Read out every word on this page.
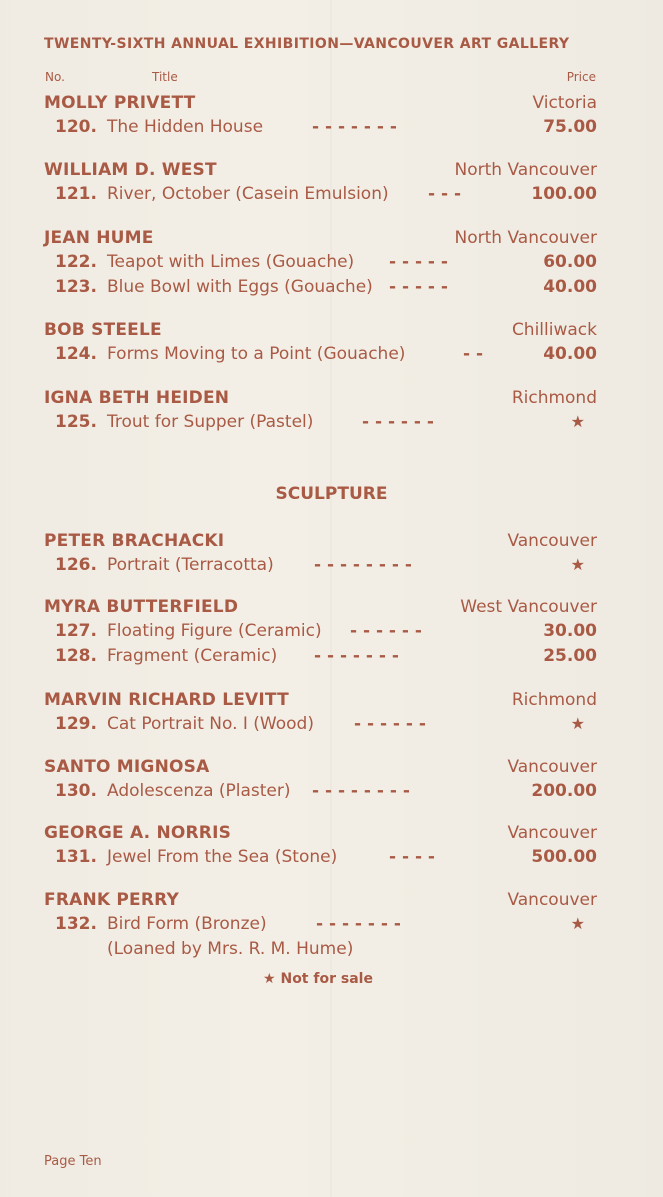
TWENTY-SIXTH ANNUAL EXHIBITION—VANCOUVER ART GALLERY
No.	Title	Price
MOLLY PRIVETT	Victoria
120. The Hidden House	- - - - - - -	75.00
WILLIAM D. WEST	North Vancouver
121. River, October (Casein Emulsion) - - -	100.00
JEAN HUME	North Vancouver
122. Teapot with Limes (Gouache) - - - - -	60.00
123. Blue Bowl with Eggs (Gouache) - - - - -	40.00
BOB STEELE	Chilliwack
124. Forms Moving to a Point (Gouache)	- -	40.00
IGNA BETH HEIDEN	Richmond
125. Trout for Supper (Pastel)	- - - - - -	★
SCULPTURE
PETER BRACHACKI	Vancouver
126. Portrait (Terracotta) - - - - - - - -	★
MYRA BUTTERFIELD	West Vancouver
127. Floating Figure (Ceramic) - - - - - -	30.00
128. Fragment (Ceramic) - - - - - - -	25.00
MARVIN RICHARD LEVITT	Richmond
129. Cat Portrait No. I (Wood) - - - - - -	★
SANTO MIGNOSA	Vancouver
130. Adolescenza (Plaster) - - - - - - - -	200.00
GEORGE A. NORRIS	Vancouver
131. Jewel From the Sea (Stone)	- - - -	500.00
FRANK PERRY	Vancouver
132. Bird Form (Bronze)	- - - - - - -	★
(Loaned by Mrs. R. M. Hume)
★ Not for sale
Page Ten
